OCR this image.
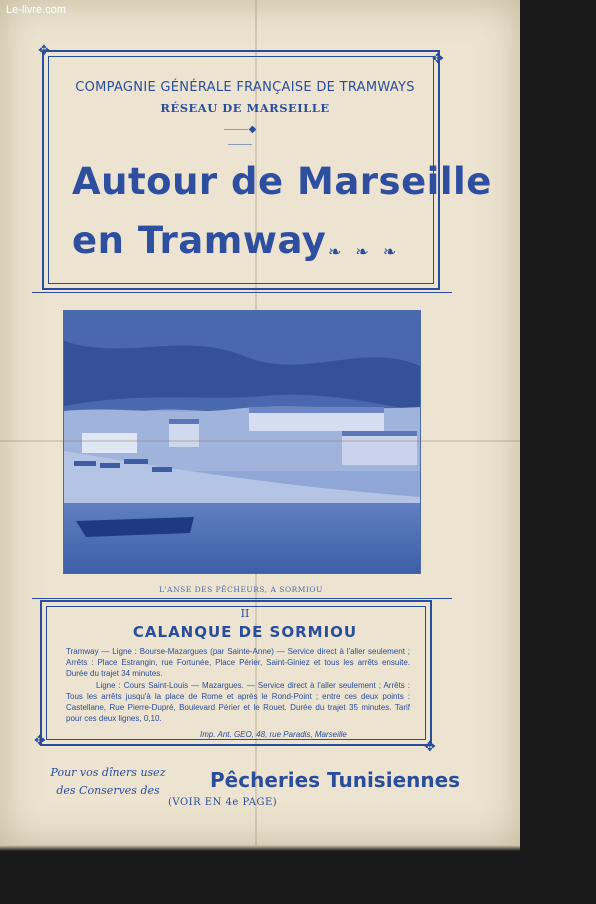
Le-livre.com
✥	✥
COMPAGNIE GÉNÉRALE FRANÇAISE DE TRAMWAYS
RÉSEAU DE MARSEILLE
⸻◆⸻
Autour de Marseille
en Tramway ❧❧❧
L'ANSE DES PÊCHEURS, A SORMIOU
✥	✥
II
CALANQUE DE SORMIOU

Tramway — Ligne : Bourse-Mazargues (par Sainte-Anne) — Service direct à l'aller seulement ; Arrêts : Place Estrangin, rue Fortunée, Place Périer, Saint-Giniez et tous les arrêts ensuite. Durée du trajet 34 minutes.

Ligne : Cours Saint-Louis — Mazargues. — Service direct à l'aller seulement ; Arrêts : Tous les arrêts jusqu'à la place de Rome et après le Rond-Point ; entre ces deux points : Castellane, Rue Pierre-Dupré, Boulevard Périer et le Rouet. Durée du trajet 35 minutes. Tarif pour ces deux lignes, 0,10.

Imp. Ant. GEO, 48, rue Paradis, Marseille
Pour vos dîners usez
des Conserves des	Pêcheries Tunisiennes
(VOIR EN 4e PAGE)
